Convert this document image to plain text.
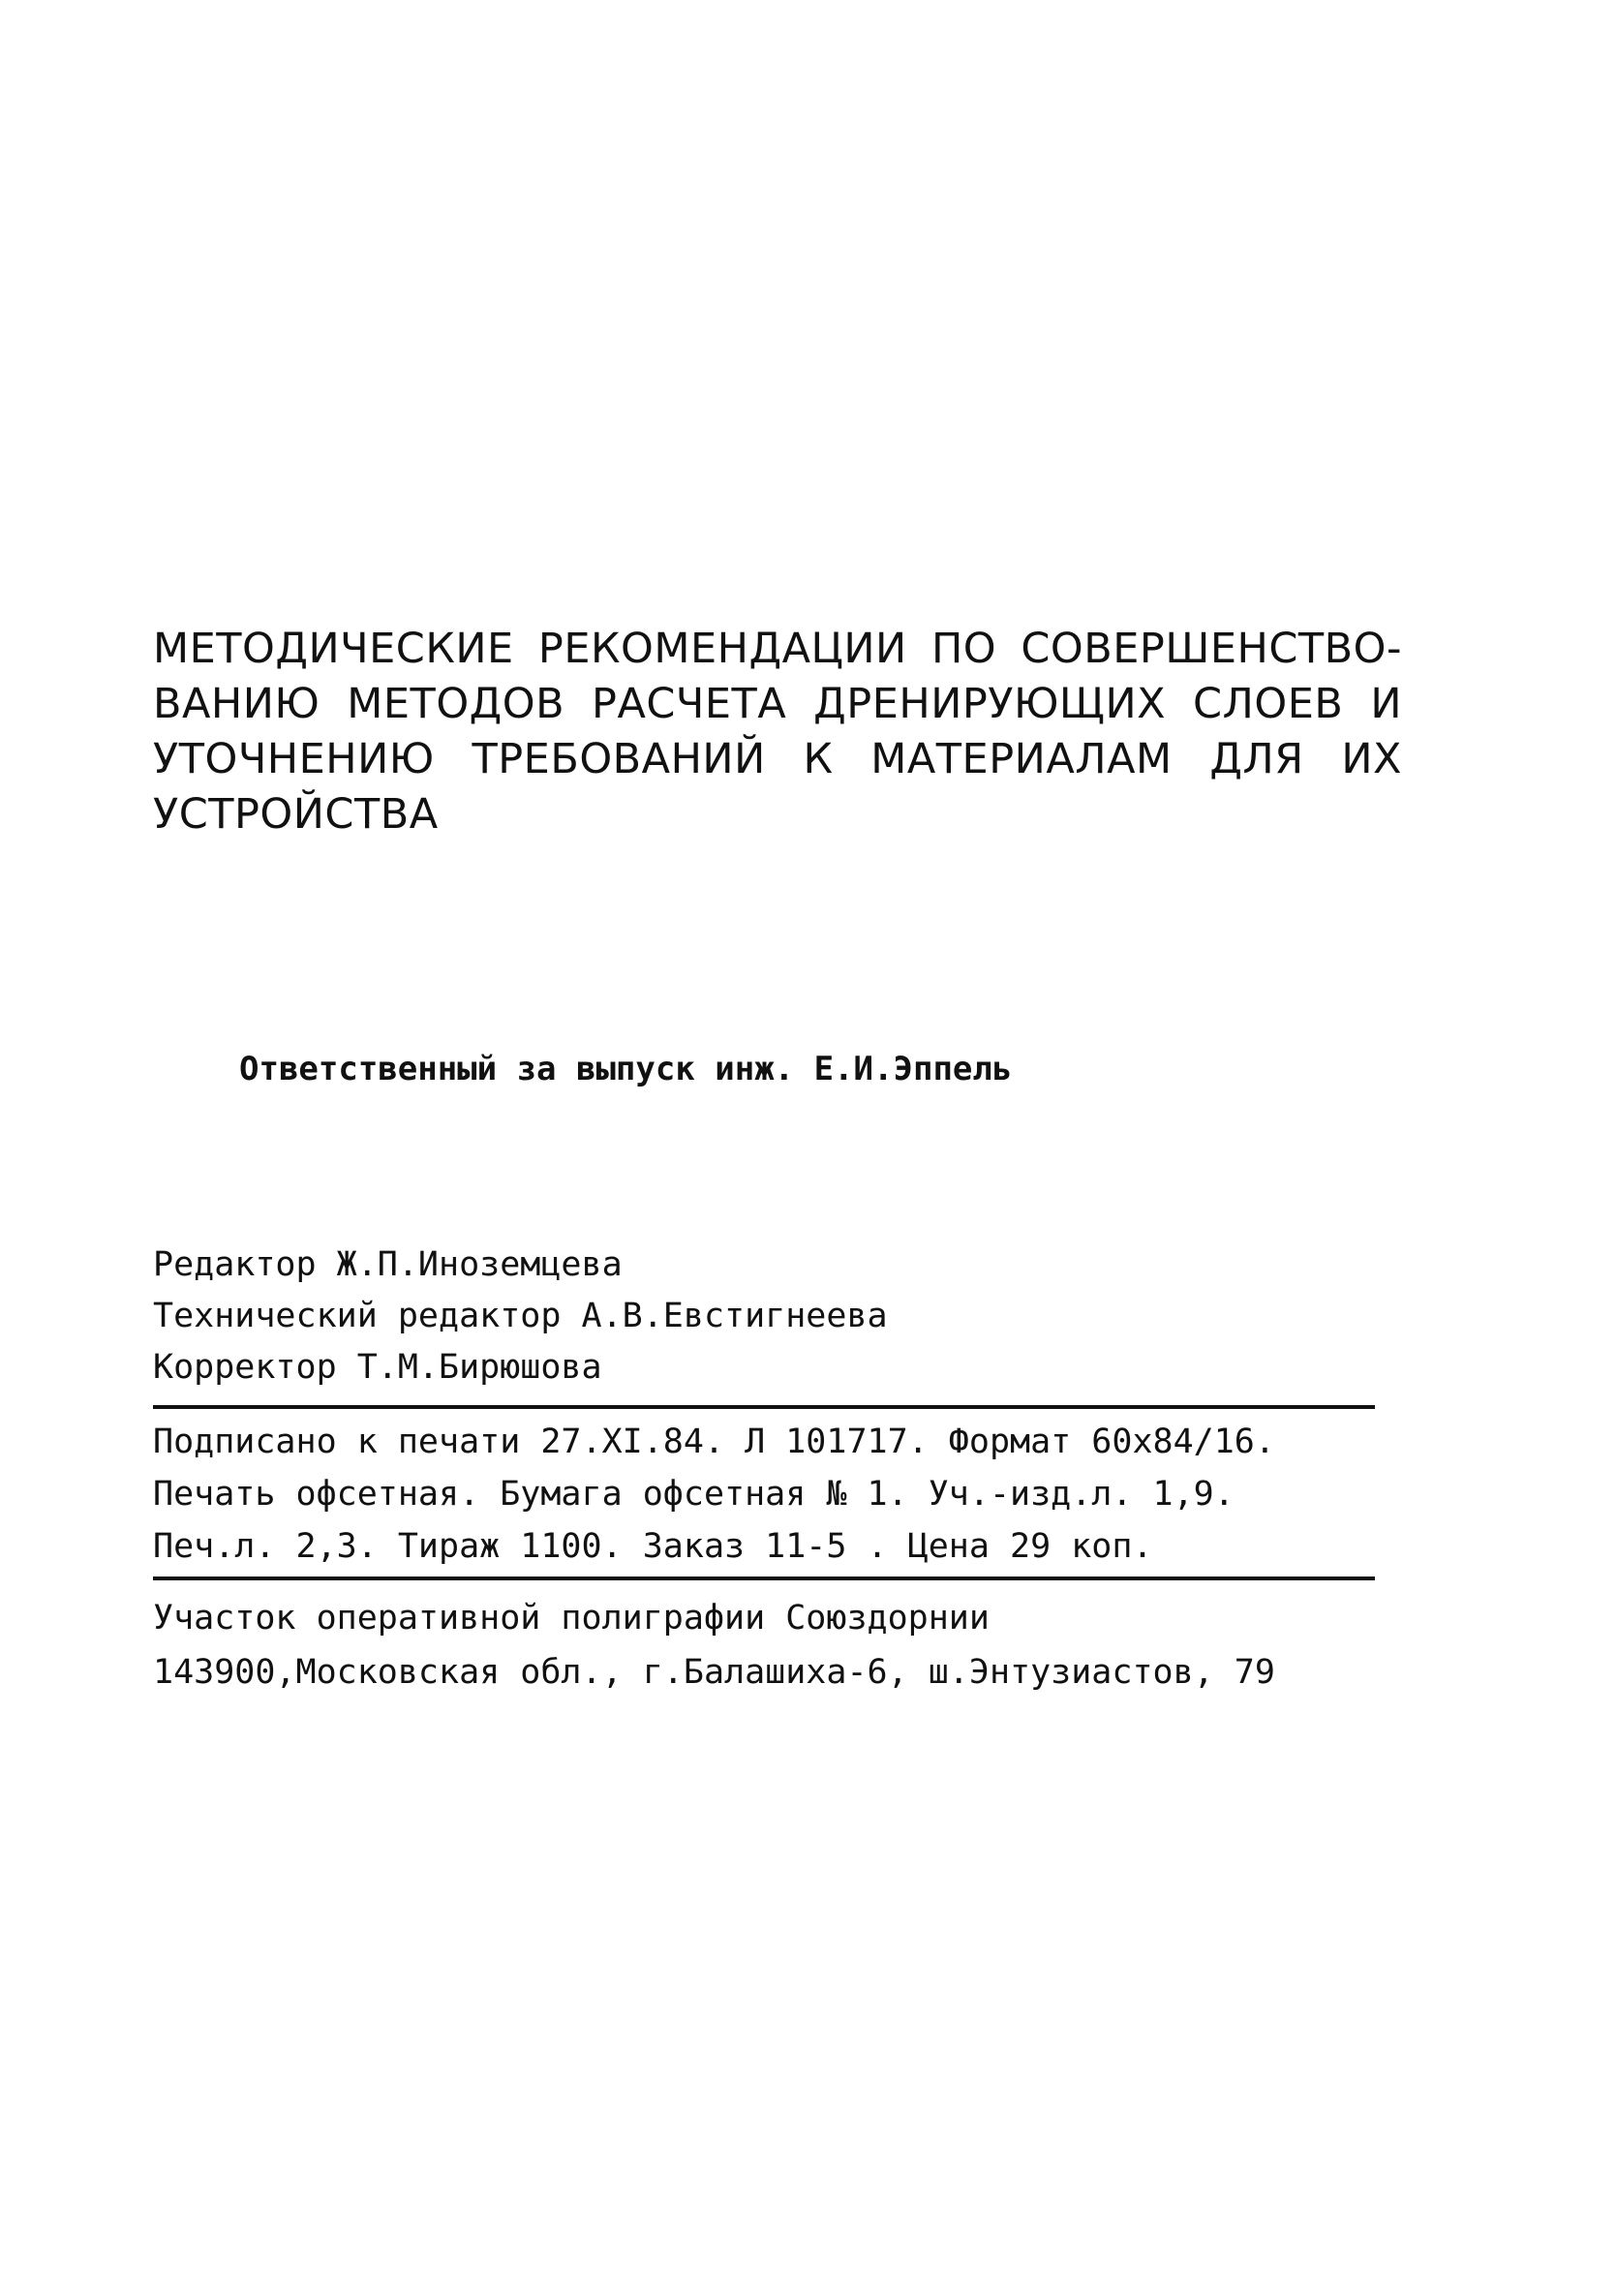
МЕТОДИЧЕСКИЕ РЕКОМЕНДАЦИИ ПО СОВЕРШЕНСТВО-

ВАНИЮ МЕТОДОВ РАСЧЕТА ДРЕНИРУЮЩИХ СЛОЕВ И

УТОЧНЕНИЮ ТРЕБОВАНИЙ К МАТЕРИАЛАМ ДЛЯ ИХ

УСТРОЙСТВА

Ответственный за выпуск инж. Е.И.Эппель

Редактор Ж.П.Иноземцева

Технический редактор А.В.Евстигнеева

Корректор Т.М.Бирюшова

Подписано к печати 27.XI.84. Л 101717. Формат 60х84/16.

Печать офсетная. Бумага офсетная № 1. Уч.-изд.л. 1,9.

Печ.л. 2,3. Тираж 1100. Заказ 11-5 . Цена 29 коп.

Участок оперативной полиграфии Союздорнии

143900,Московская обл., г.Балашиха-6, ш.Энтузиастов, 79
